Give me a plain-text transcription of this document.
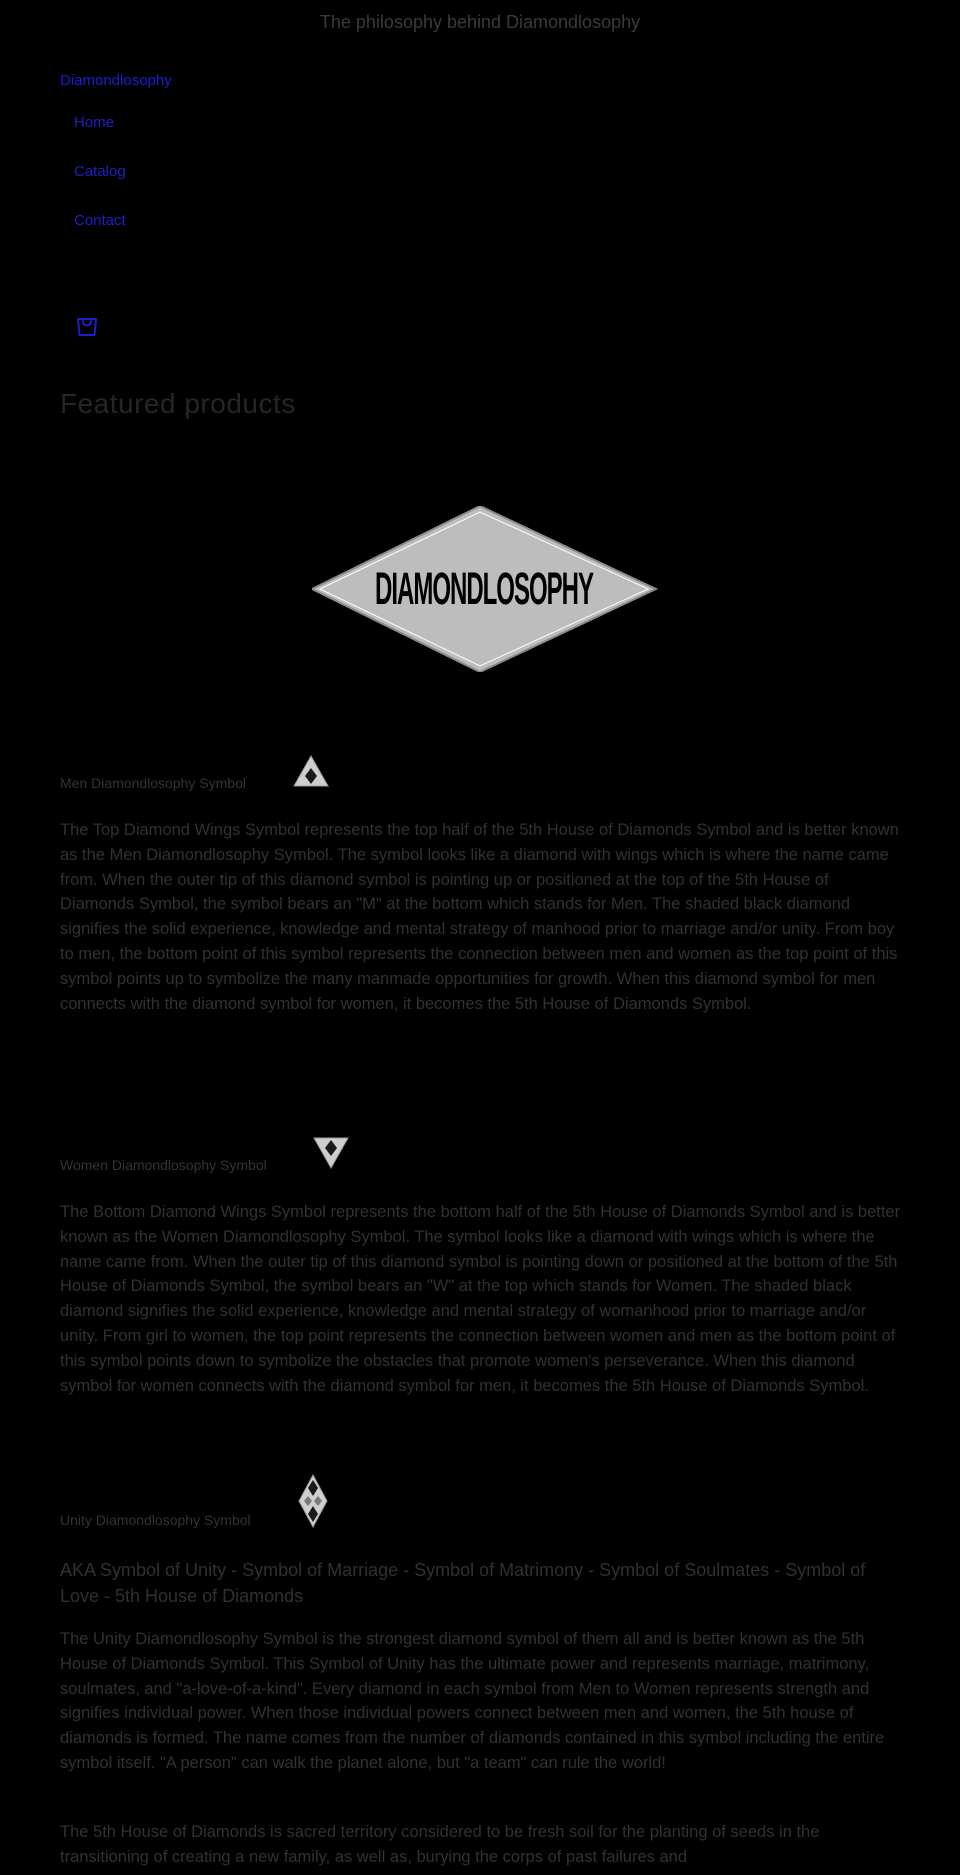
The philosophy behind Diamondlosophy
Diamondlosophy
Home
Catalog
Contact
Featured products
DIAMONDLOSOPHY
Men Diamondlosophy Symbol

The Top Diamond Wings Symbol represents the top half of the 5th House of Diamonds Symbol and is better known as the Men Diamondlosophy Symbol. The symbol looks like a diamond with wings which is where the name came from. When the outer tip of this diamond symbol is pointing up or positioned at the top of the 5th House of Diamonds Symbol, the symbol bears an "M" at the bottom which stands for Men. The shaded black diamond signifies the solid experience, knowledge and mental strategy of manhood prior to marriage and/or unity. From boy to men, the bottom point of this symbol represents the connection between men and women as the top point of this symbol points up to symbolize the many manmade opportunities for growth. When this diamond symbol for men connects with the diamond symbol for women, it becomes the 5th House of Diamonds Symbol.

Women Diamondlosophy Symbol

The Bottom Diamond Wings Symbol represents the bottom half of the 5th House of Diamonds Symbol and is better known as the Women Diamondlosophy Symbol. The symbol looks like a diamond with wings which is where the name came from. When the outer tip of this diamond symbol is pointing down or positioned at the bottom of the 5th House of Diamonds Symbol, the symbol bears an "W" at the top which stands for Women. The shaded black diamond signifies the solid experience, knowledge and mental strategy of womanhood prior to marriage and/or unity. From girl to women, the top point represents the connection between women and men as the bottom point of this symbol points down to symbolize the obstacles that promote women's perseverance. When this diamond symbol for women connects with the diamond symbol for men, it becomes the 5th House of Diamonds Symbol.

Unity Diamondlosophy Symbol

AKA Symbol of Unity - Symbol of Marriage - Symbol of Matrimony - Symbol of Soulmates - Symbol of Love - 5th House of Diamonds

The Unity Diamondlosophy Symbol is the strongest diamond symbol of them all and is better known as the 5th House of Diamonds Symbol. This Symbol of Unity has the ultimate power and represents marriage, matrimony, soulmates, and "a-love-of-a-kind". Every diamond in each symbol from Men to Women represents strength and signifies individual power. When those individual powers connect between men and women, the 5th house of diamonds is formed. The name comes from the number of diamonds contained in this symbol including the entire symbol itself. "A person" can walk the planet alone, but "a team" can rule the world!

The 5th House of Diamonds is sacred territory considered to be fresh soil for the planting of seeds in the transitioning of creating a new family, as well as, burying the corps of past failures and
